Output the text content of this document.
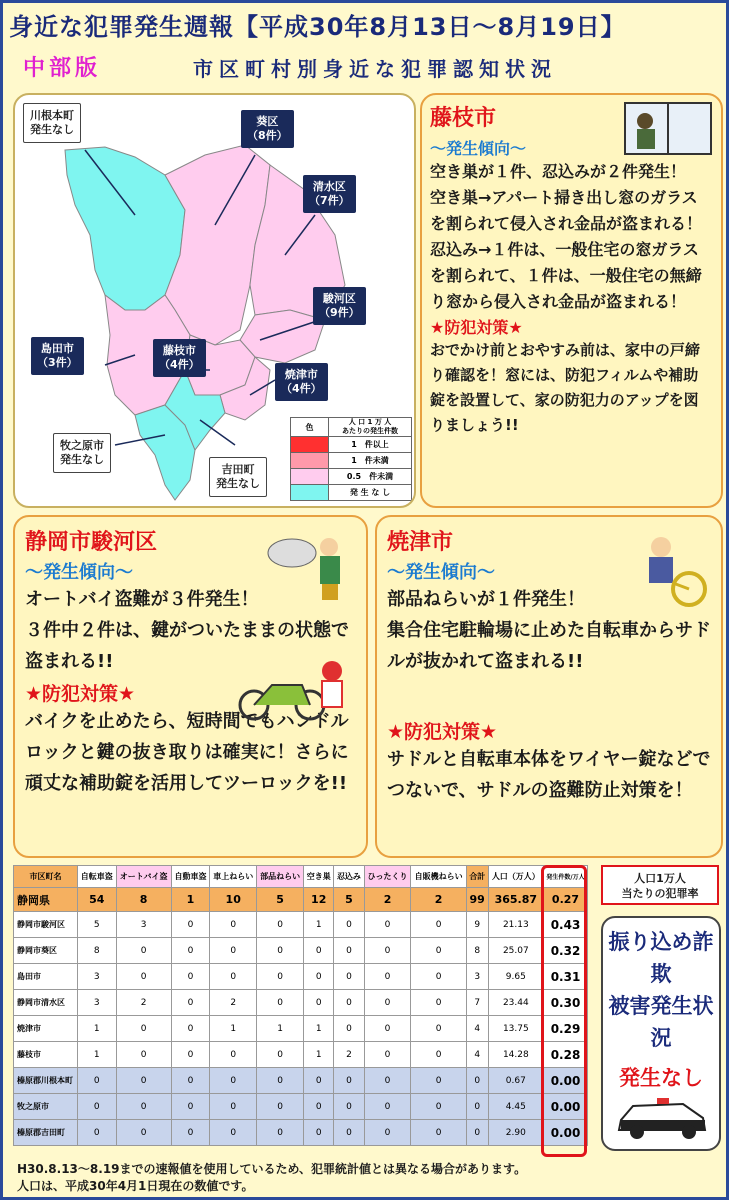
身近な犯罪発生週報【平成30年8月13日～8月19日】
中部版	市区町村別身近な犯罪認知状況
川根本町
発生なし
葵区
（8件）
清水区
（7件）
駿河区
（9件）
島田市
（3件）
藤枝市
（4件）
焼津市
（4件）
牧之原市
発生なし
吉田町
発生なし
色	人 口 1 万 人
あたりの発生件数
	1　件以上
	1　件未満
	0.5　件未満
	発 生 な し
藤枝市
～発生傾向～
空き巣が１件、忍込みが２件発生！
空き巣→アパート掃き出し窓のガラスを割られて侵入され金品が盗まれる！
忍込み→１件は、一般住宅の窓ガラスを割られて、１件は、一般住宅の無締り窓から侵入され金品が盗まれる！
★防犯対策★
おでかけ前とおやすみ前は、家中の戸締り確認を！窓には、防犯フィルムや補助錠を設置して、家の防犯力のアップを図りましょう!!
静岡市駿河区
～発生傾向～
オートバイ盗難が３件発生！
３件中２件は、鍵がついたままの状態で盗まれる!!
★防犯対策★
バイクを止めたら、短時間でもハンドルロックと鍵の抜き取りは確実に！さらに頑丈な補助錠を活用してツーロックを!!
焼津市
～発生傾向～
部品ねらいが１件発生！
集合住宅駐輪場に止めた自転車からサドルが抜かれて盗まれる!!
★防犯対策★
サドルと自転車本体をワイヤー錠などでつないで、サドルの盗難防止対策を！
市区町名	自転車盗	オートバイ盗	自動車盗	車上ねらい	部品ねらい	空き巣	忍込み	ひったくり	自販機ねらい	合計	人口（万人）	発生件数/万人
静岡県	54	8	1	10	5	12	5	2	2	99	365.87	0.27
静岡市駿河区	5	3	0	0	0	1	0	0	0	9	21.13	0.43
静岡市葵区	8	0	0	0	0	0	0	0	0	8	25.07	0.32
島田市	3	0	0	0	0	0	0	0	0	3	9.65	0.31
静岡市清水区	3	2	0	2	0	0	0	0	0	7	23.44	0.30
焼津市	1	0	0	1	1	1	0	0	0	4	13.75	0.29
藤枝市	1	0	0	0	0	1	2	0	0	4	14.28	0.28
榛原郡川根本町	0	0	0	0	0	0	0	0	0	0	0.67	0.00
牧之原市	0	0	0	0	0	0	0	0	0	0	4.45	0.00
榛原郡吉田町	0	0	0	0	0	0	0	0	0	0	2.90	0.00
人口1万人
当たりの犯罪率
振り込め詐欺
被害発生状況
発生なし
H30.8.13～8.19までの速報値を使用しているため、犯罪統計値とは異なる場合があります。
人口は、平成30年4月1日現在の数値です。
